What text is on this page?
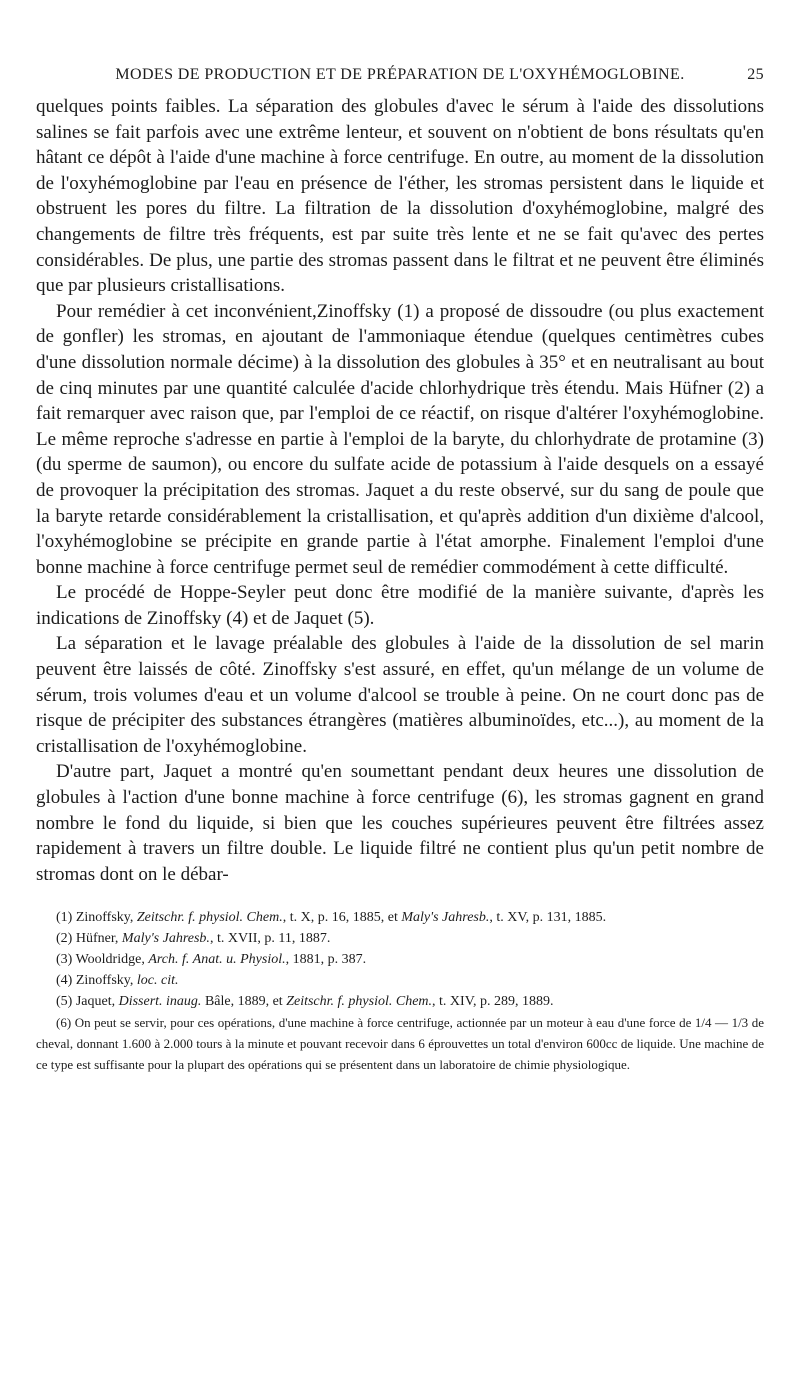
MODES DE PRODUCTION ET DE PRÉPARATION DE L'OXYHÉMOGLOBINE.	25

quelques points faibles. La séparation des globules d'avec le sérum à l'aide des dissolutions salines se fait parfois avec une extrême lenteur, et souvent on n'obtient de bons résultats qu'en hâtant ce dépôt à l'aide d'une machine à force centrifuge. En outre, au moment de la dissolution de l'oxyhémoglobine par l'eau en présence de l'éther, les stromas persistent dans le liquide et obstruent les pores du filtre. La filtration de la dissolution d'oxyhémoglobine, malgré des changements de filtre très fréquents, est par suite très lente et ne se fait qu'avec des pertes considérables. De plus, une partie des stromas passent dans le filtrat et ne peuvent être éliminés que par plusieurs cristallisations.

Pour remédier à cet inconvénient,Zinoffsky (1) a proposé de dissoudre (ou plus exactement de gonfler) les stromas, en ajoutant de l'ammoniaque étendue (quelques centimètres cubes d'une dissolution normale décime) à la dissolution des globules à 35° et en neutralisant au bout de cinq minutes par une quantité calculée d'acide chlorhydrique très étendu. Mais Hüfner (2) a fait remarquer avec raison que, par l'emploi de ce réactif, on risque d'altérer l'oxyhémoglobine. Le même reproche s'adresse en partie à l'emploi de la baryte, du chlorhydrate de protamine (3) (du sperme de saumon), ou encore du sulfate acide de potassium à l'aide desquels on a essayé de provoquer la précipitation des stromas. Jaquet a du reste observé, sur du sang de poule que la baryte retarde considérablement la cristallisation, et qu'après addition d'un dixième d'alcool, l'oxyhémoglobine se précipite en grande partie à l'état amorphe. Finalement l'emploi d'une bonne machine à force centrifuge permet seul de remédier commodément à cette difficulté.

Le procédé de Hoppe-Seyler peut donc être modifié de la manière suivante, d'après les indications de Zinoffsky (4) et de Jaquet (5).

La séparation et le lavage préalable des globules à l'aide de la dissolution de sel marin peuvent être laissés de côté. Zinoffsky s'est assuré, en effet, qu'un mélange de un volume de sérum, trois volumes d'eau et un volume d'alcool se trouble à peine. On ne court donc pas de risque de précipiter des substances étrangères (matières albuminoïdes, etc...), au moment de la cristallisation de l'oxyhémoglobine.

D'autre part, Jaquet a montré qu'en soumettant pendant deux heures une dissolution de globules à l'action d'une bonne machine à force centrifuge (6), les stromas gagnent en grand nombre le fond du liquide, si bien que les couches supérieures peuvent être filtrées assez rapidement à travers un filtre double. Le liquide filtré ne contient plus qu'un petit nombre de stromas dont on le débar-

(1) Zinoffsky, Zeitschr. f. physiol. Chem., t. X, p. 16, 1885, et Maly's Jahresb., t. XV, p. 131, 1885.

(2) Hüfner, Maly's Jahresb., t. XVII, p. 11, 1887.

(3) Wooldridge, Arch. f. Anat. u. Physiol., 1881, p. 387.

(4) Zinoffsky, loc. cit.

(5) Jaquet, Dissert. inaug. Bâle, 1889, et Zeitschr. f. physiol. Chem., t. XIV, p. 289, 1889.

(6) On peut se servir, pour ces opérations, d'une machine à force centrifuge, actionnée par un moteur à eau d'une force de 1/4 — 1/3 de cheval, donnant 1.600 à 2.000 tours à la minute et pouvant recevoir dans 6 éprouvettes un total d'environ 600cc de liquide. Une machine de ce type est suffisante pour la plupart des opérations qui se présentent dans un laboratoire de chimie physiologique.
